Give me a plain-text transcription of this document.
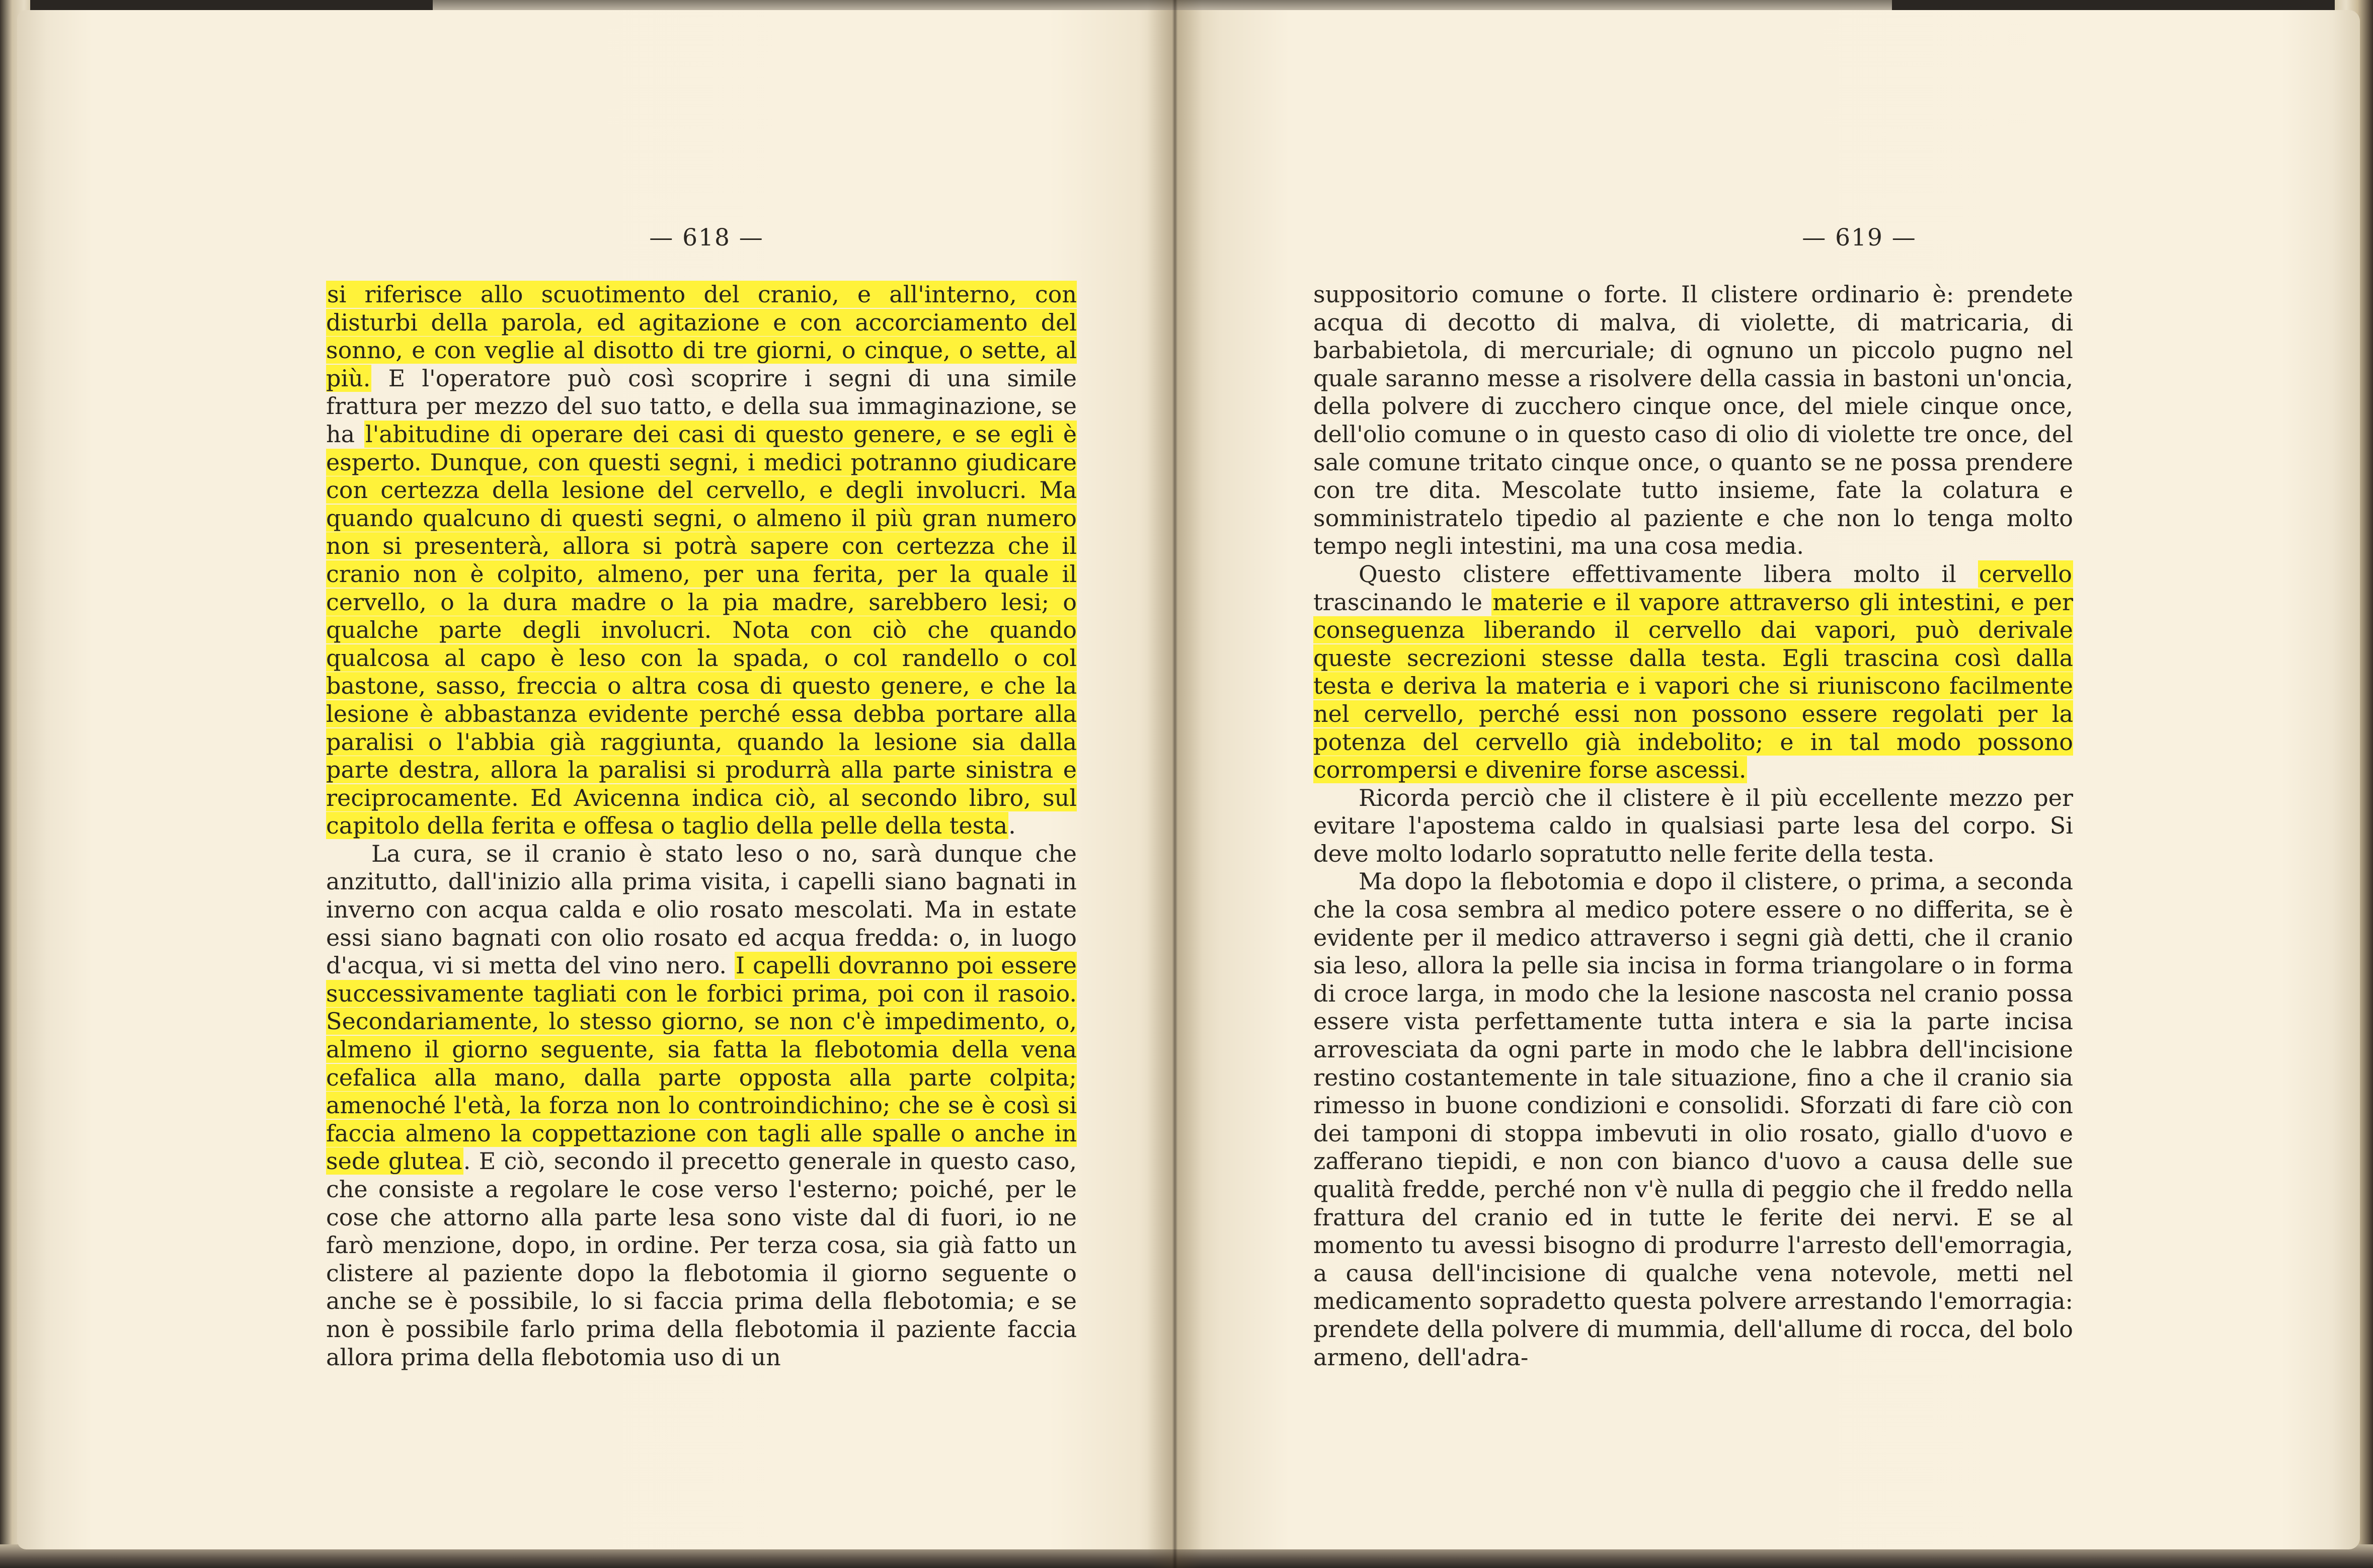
— 618 —

si riferisce allo scuotimento del cranio, e all'interno, con disturbi della parola, ed agitazione e con accorciamento del sonno, e con veglie al disotto di tre giorni, o cinque, o sette, al più. E l'operatore può così scoprire i segni di una simile frattura per mezzo del suo tatto, e della sua immaginazione, se ha l'abitudine di operare dei casi di questo genere, e se egli è esperto. Dunque, con questi segni, i medici potranno giudicare con certezza della lesione del cervello, e degli involucri. Ma quando qualcuno di questi segni, o almeno il più gran numero non si presenterà, allora si potrà sapere con certezza che il cranio non è colpito, almeno, per una ferita, per la quale il cervello, o la dura madre o la pia madre, sarebbero lesi; o qualche parte degli involucri. Nota con ciò che quando qualcosa al capo è leso con la spada, o col randello o col bastone, sasso, freccia o altra cosa di questo genere, e che la lesione è abbastanza evidente perché essa debba portare alla paralisi o l'abbia già raggiunta, quando la lesione sia dalla parte destra, allora la paralisi si produrrà alla parte sinistra e reciprocamente. Ed Avicenna indica ciò, al secondo libro, sul capitolo della ferita e offesa o taglio della pelle della testa.

La cura, se il cranio è stato leso o no, sarà dunque che anzitutto, dall'inizio alla prima visita, i capelli siano bagnati in inverno con acqua calda e olio rosato mescolati. Ma in estate essi siano bagnati con olio rosato ed acqua fredda: o, in luogo d'acqua, vi si metta del vino nero. I capelli dovranno poi essere successivamente tagliati con le forbici prima, poi con il rasoio. Secondariamente, lo stesso giorno, se non c'è impedimento, o, almeno il giorno seguente, sia fatta la flebotomia della vena cefalica alla mano, dalla parte opposta alla parte colpita; amenoché l'età, la forza non lo controindichino; che se è così si faccia almeno la coppettazione con tagli alle spalle o anche in sede glutea. E ciò, secondo il precetto generale in questo caso, che consiste a regolare le cose verso l'esterno; poiché, per le cose che attorno alla parte lesa sono viste dal di fuori, io ne farò menzione, dopo, in ordine. Per terza cosa, sia già fatto un clistere al paziente dopo la flebotomia il giorno seguente o anche se è possibile, lo si faccia prima della flebotomia; e se non è possibile farlo prima della flebotomia il paziente faccia allora prima della flebotomia uso di un

— 619 —

suppositorio comune o forte. Il clistere ordinario è: prendete acqua di decotto di malva, di violette, di matricaria, di barbabietola, di mercuriale; di ognuno un piccolo pugno nel quale saranno messe a risolvere della cassia in bastoni un'oncia, della polvere di zucchero cinque once, del miele cinque once, dell'olio comune o in questo caso di olio di violette tre once, del sale comune tritato cinque once, o quanto se ne possa prendere con tre dita. Mescolate tutto insieme, fate la colatura e somministratelo tipedio al paziente e che non lo tenga molto tempo negli intestini, ma una cosa media.

Questo clistere effettivamente libera molto il cervello trascinando le materie e il vapore attraverso gli intestini, e per conseguenza liberando il cervello dai vapori, può derivale queste secrezioni stesse dalla testa. Egli trascina così dalla testa e deriva la materia e i vapori che si riuniscono facilmente nel cervello, perché essi non possono essere regolati per la potenza del cervello già indebolito; e in tal modo possono corrompersi e divenire forse ascessi.

Ricorda perciò che il clistere è il più eccellente mezzo per evitare l'apostema caldo in qualsiasi parte lesa del corpo. Si deve molto lodarlo sopratutto nelle ferite della testa.

Ma dopo la flebotomia e dopo il clistere, o prima, a seconda che la cosa sembra al medico potere essere o no differita, se è evidente per il medico attraverso i segni già detti, che il cranio sia leso, allora la pelle sia incisa in forma triangolare o in forma di croce larga, in modo che la lesione nascosta nel cranio possa essere vista perfettamente tutta intera e sia la parte incisa arrovesciata da ogni parte in modo che le labbra dell'incisione restino costantemente in tale situazione, fino a che il cranio sia rimesso in buone condizioni e consolidi. Sforzati di fare ciò con dei tamponi di stoppa imbevuti in olio rosato, giallo d'uovo e zafferano tiepidi, e non con bianco d'uovo a causa delle sue qualità fredde, perché non v'è nulla di peggio che il freddo nella frattura del cranio ed in tutte le ferite dei nervi. E se al momento tu avessi bisogno di produrre l'arresto dell'emorragia, a causa dell'incisione di qualche vena notevole, metti nel medicamento sopradetto questa polvere arrestando l'emorragia: prendete della polvere di mummia, dell'allume di rocca, del bolo armeno, dell'adra-
